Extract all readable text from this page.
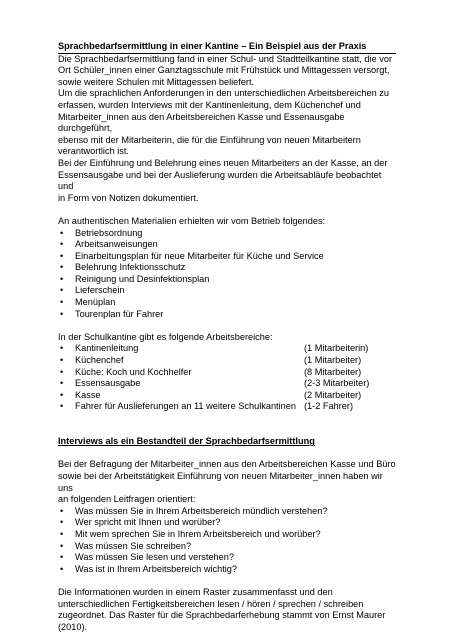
Sprachbedarfsermittlung in einer Kantine – Ein Beispiel aus der Praxis

Die Sprachbedarfsermittlung fand in einer Schul- und Stadtteilkantine statt, die vor

Ort Schüler_innen einer Ganztagsschule mit Frühstück und Mittagessen versorgt,

sowie weitere Schulen mit Mittagessen beliefert.

Um die sprachlichen Anforderungen in den unterschiedlichen Arbeitsbereichen zu

erfassen, wurden Interviews mit der Kantinenleitung, dem Küchenchef und

Mitarbeiter_innen aus den Arbeitsbereichen Kasse und Essenausgabe durchgeführt,

ebenso mit der Mitarbeiterin, die für die Einführung von neuen Mitarbeitern

verantwortlich ist.

Bei der Einführung und Belehrung eines neuen Mitarbeiters an der Kasse, an der

Essensausgabe und bei der Auslieferung wurden die Arbeitsabläufe beobachtet und

in Form von Notizen dokumentiert.

An authentischen Materialien erhielten wir vom Betrieb folgendes:

• Betriebsordnung
• Arbeitsanweisungen
• Einarbeitungsplan für neue Mitarbeiter für Küche und Service
• Belehrung Infektionsschutz
• Reinigung und Desinfektionsplan
• Lieferschein
• Menüplan
• Tourenplan für Fahrer

In der Schulkantine gibt es folgende Arbeitsbereiche:

• Kantinenleitung	(1 Mitarbeiterin)
• Küchenchef	(1 Mitarbeiter)
• Küche: Koch und Kochhelfer	(8 Mitarbeiter)
• Essensausgabe	(2-3 Mitarbeiter)
• Kasse	(2 Mitarbeiter)
• Fahrer für Auslieferungen an 11 weitere Schulkantinen (1-2 Fahrer)
Interviews als ein Bestandteil der Sprachbedarfsermittlung

Bei der Befragung der Mitarbeiter_innen aus den Arbeitsbereichen Kasse und Büro

sowie bei der Arbeitstätigkeit Einführung von neuen Mitarbeiter_innen haben wir uns

an folgenden Leitfragen orientiert:

• Was müssen Sie in Ihrem Arbeitsbereich mündlich verstehen?
• Wer spricht mit Ihnen und worüber?
• Mit wem sprechen Sie in Ihrem Arbeitsbereich und worüber?
• Was müssen Sie schreiben?
• Was müssen Sie lesen und verstehen?
• Was ist in Ihrem Arbeitsbereich wichtig?

Die Informationen wurden in einem Raster zusammenfasst und den

unterschiedlichen Fertigkeitsbereichen lesen / hören / sprechen / schreiben

zugeordnet. Das Raster für die Sprachbedarferhebung stammt von Ernst Maurer

(2010).
